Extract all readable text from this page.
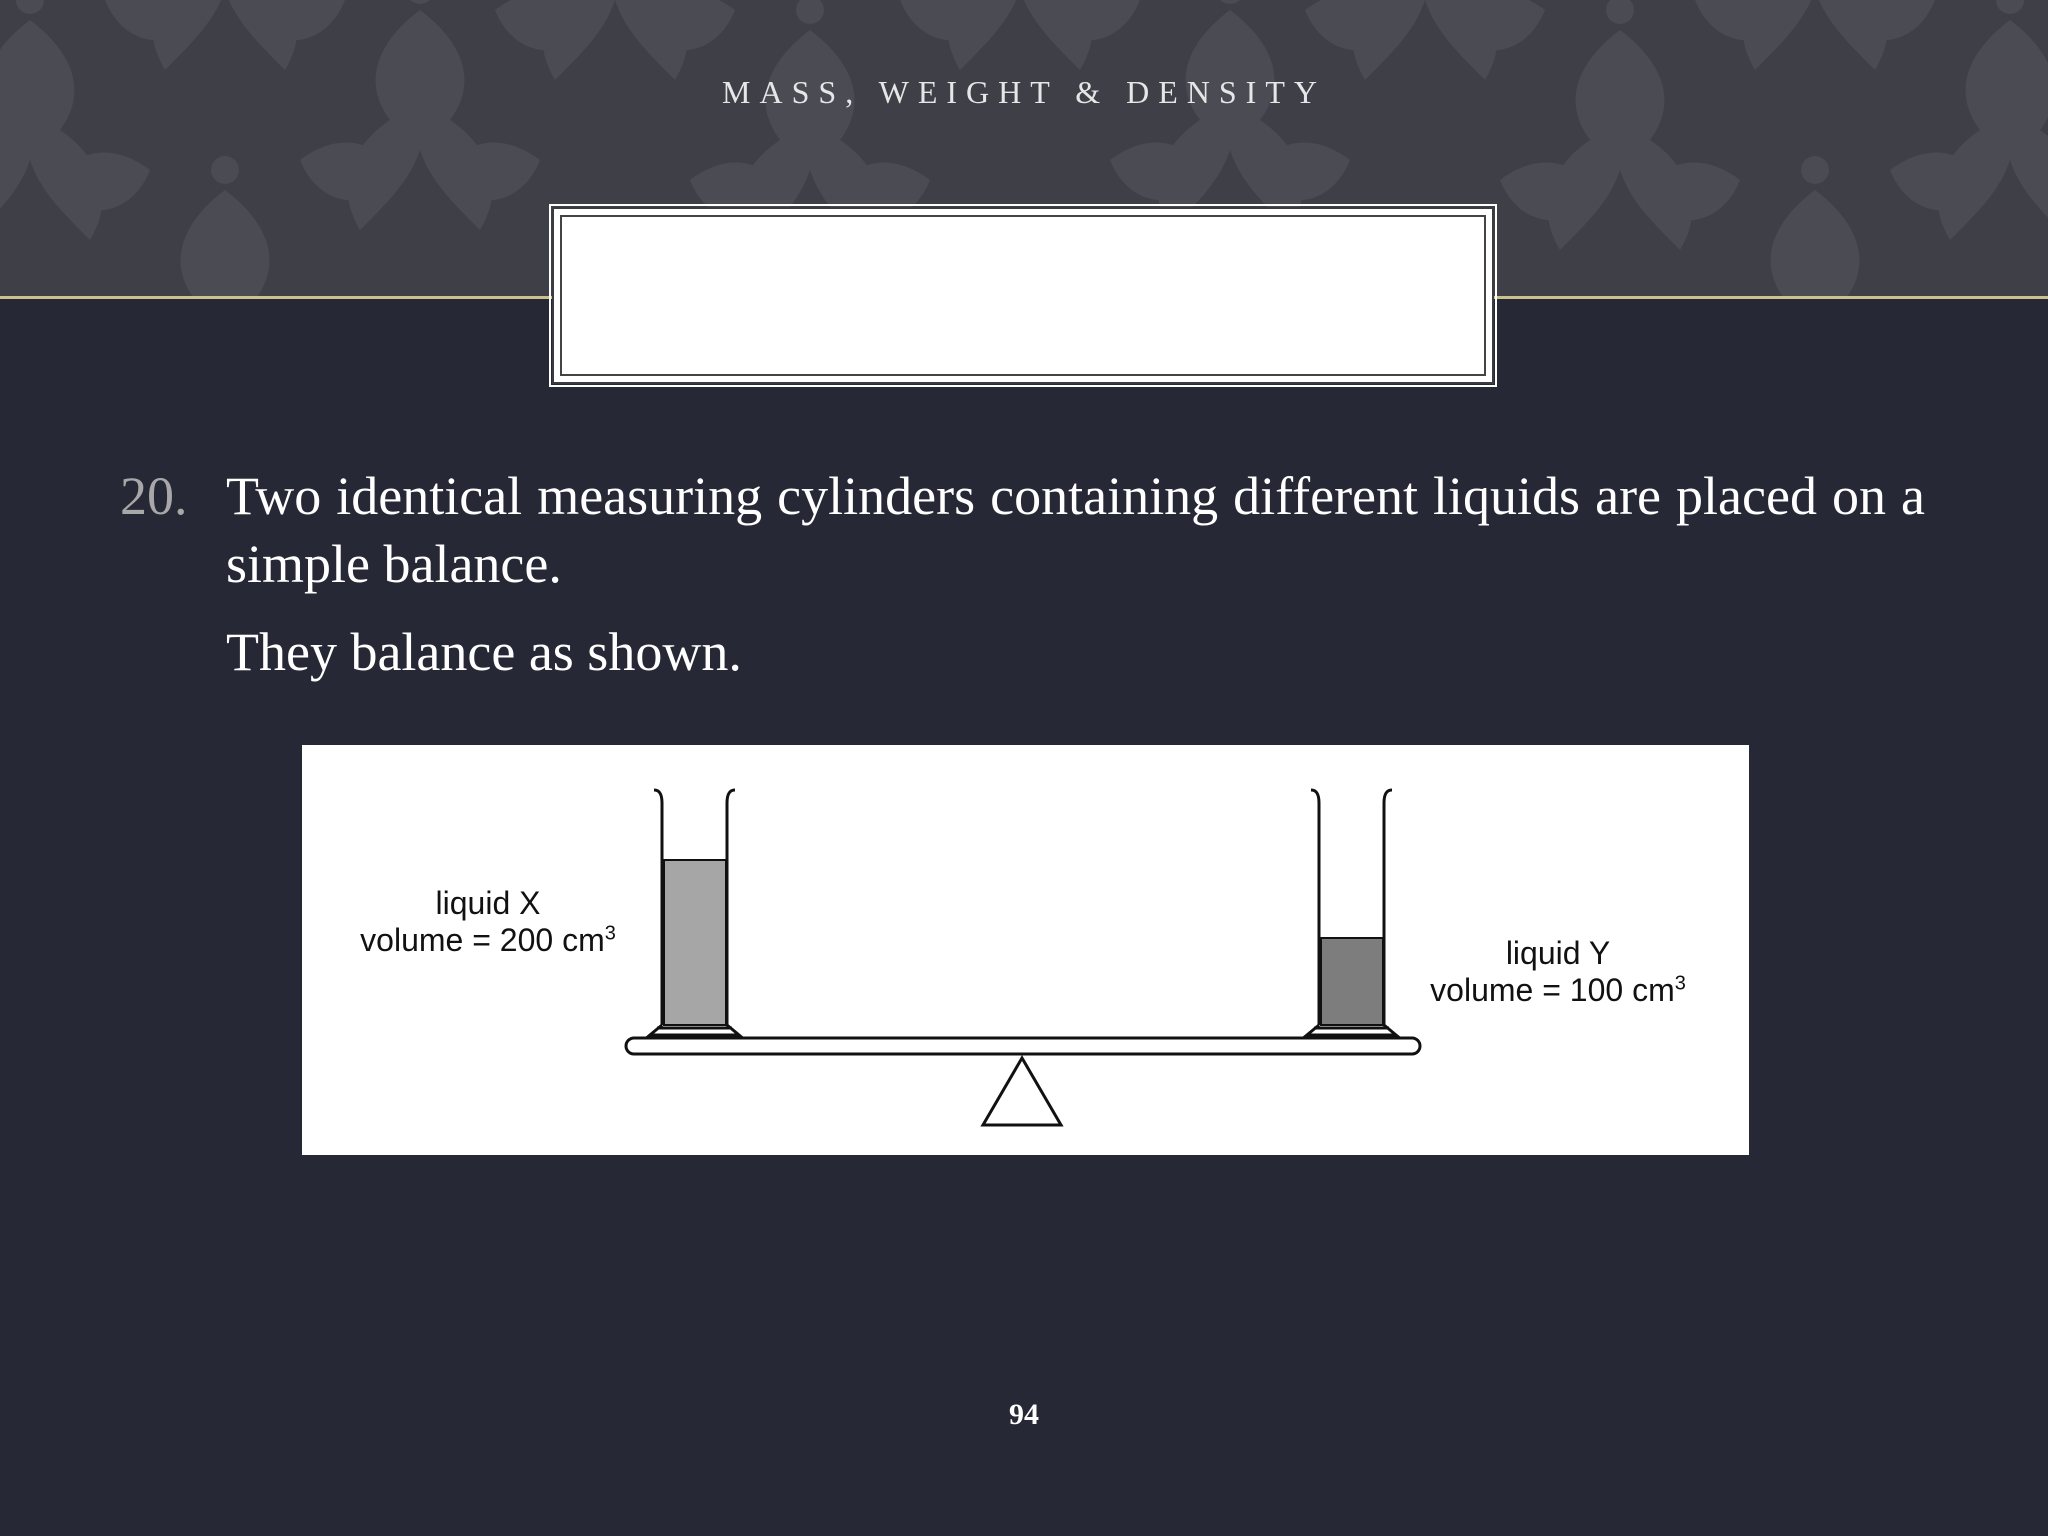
MASS, WEIGHT & DENSITY
20. Two identical measuring cylinders containing different liquids are placed on a simple balance.
They balance as shown.
liquid X
volume = 200 $cm^3$
liquid Y
volume = 100 $cm^3$
94
